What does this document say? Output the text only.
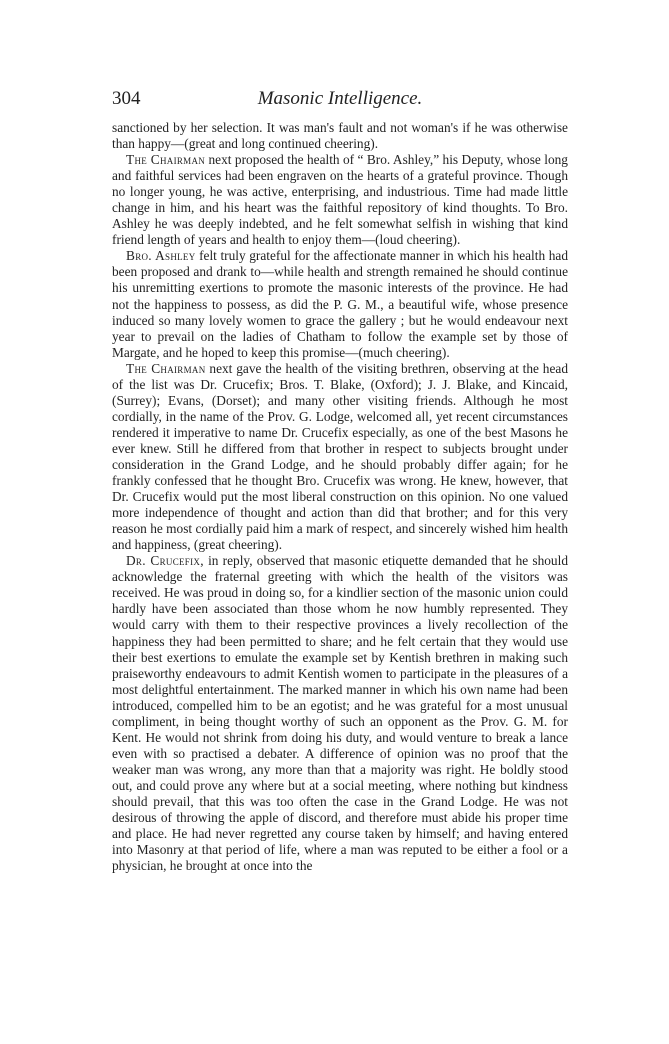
304	Masonic Intelligence.

sanctioned by her selection. It was man's fault and not woman's if he was otherwise than happy—(great and long continued cheering).

The Chairman next proposed the health of “ Bro. Ashley,” his Deputy, whose long and faithful services had been engraven on the hearts of a grateful province. Though no longer young, he was active, enterprising, and industrious. Time had made little change in him, and his heart was the faithful repository of kind thoughts. To Bro. Ashley he was deeply indebted, and he felt somewhat selfish in wishing that kind friend length of years and health to enjoy them—(loud cheering).

Bro. Ashley felt truly grateful for the affectionate manner in which his health had been proposed and drank to—while health and strength remained he should continue his unremitting exertions to promote the masonic interests of the province. He had not the happiness to possess, as did the P. G. M., a beautiful wife, whose presence induced so many lovely women to grace the gallery ; but he would endeavour next year to prevail on the ladies of Chatham to follow the example set by those of Margate, and he hoped to keep this promise—(much cheering).

The Chairman next gave the health of the visiting brethren, observing at the head of the list was Dr. Crucefix; Bros. T. Blake, (Oxford); J. J. Blake, and Kincaid, (Surrey); Evans, (Dorset); and many other visiting friends. Although he most cordially, in the name of the Prov. G. Lodge, welcomed all, yet recent circumstances rendered it imperative to name Dr. Crucefix especially, as one of the best Masons he ever knew. Still he differed from that brother in respect to subjects brought under consideration in the Grand Lodge, and he should probably differ again; for he frankly confessed that he thought Bro. Crucefix was wrong. He knew, however, that Dr. Crucefix would put the most liberal construction on this opinion. No one valued more independence of thought and action than did that brother; and for this very reason he most cordially paid him a mark of respect, and sincerely wished him health and happiness, (great cheering).

Dr. Crucefix, in reply, observed that masonic etiquette demanded that he should acknowledge the fraternal greeting with which the health of the visitors was received. He was proud in doing so, for a kindlier section of the masonic union could hardly have been associated than those whom he now humbly represented. They would carry with them to their respective provinces a lively recollection of the happiness they had been permitted to share; and he felt certain that they would use their best exertions to emulate the example set by Kentish brethren in making such praiseworthy endeavours to admit Kentish women to participate in the pleasures of a most delightful entertainment. The marked manner in which his own name had been introduced, compelled him to be an egotist; and he was grateful for a most unusual compliment, in being thought worthy of such an opponent as the Prov. G. M. for Kent. He would not shrink from doing his duty, and would venture to break a lance even with so practised a debater. A difference of opinion was no proof that the weaker man was wrong, any more than that a majority was right. He boldly stood out, and could prove any where but at a social meeting, where nothing but kindness should prevail, that this was too often the case in the Grand Lodge. He was not desirous of throwing the apple of discord, and therefore must abide his proper time and place. He had never regretted any course taken by himself; and having entered into Masonry at that period of life, where a man was reputed to be either a fool or a physician, he brought at once into the
